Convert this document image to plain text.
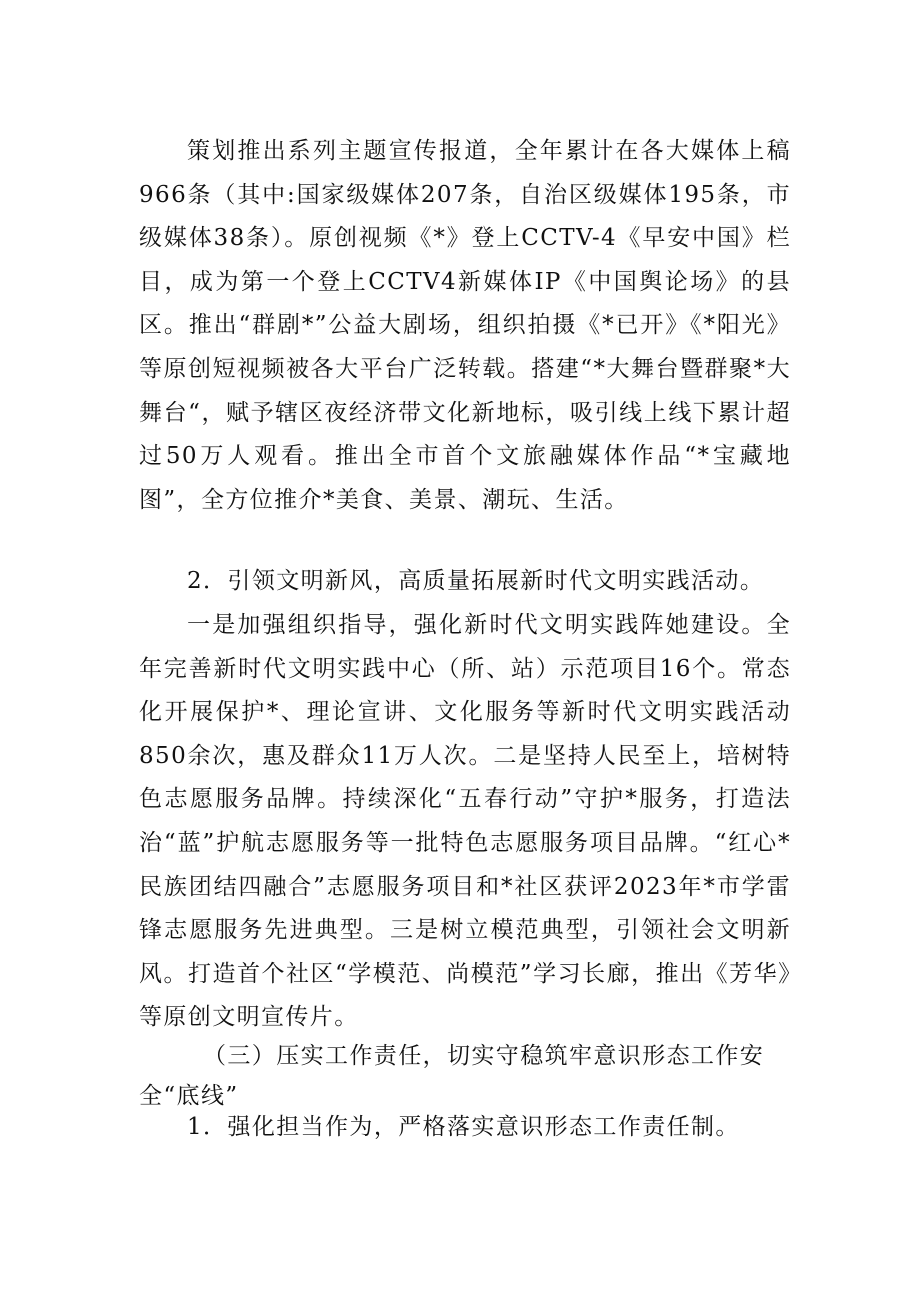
策划推出系列主题宣传报道，全年累计在各大媒体上稿966条（其中:国家级媒体207条，自治区级媒体195条，市级媒体38条）。原创视频《*》登上CCTV-4《早安中国》栏目，成为第一个登上CCTV4新媒体IP《中国舆论场》的县区。推出“群剧*”公益大剧场，组织拍摄《*已开》《*阳光》等原创短视频被各大平台广泛转载。搭建“*大舞台暨群聚*大舞台“，赋予辖区夜经济带文化新地标，吸引线上线下累计超过50万人观看。推出全市首个文旅融媒体作品“*宝藏地图”，全方位推介*美食、美景、潮玩、生活。

2．引领文明新风，高质量拓展新时代文明实践活动。

一是加强组织指导，强化新时代文明实践阵她建设。全年完善新时代文明实践中心（所、站）示范项目16个。常态化开展保护*、理论宣讲、文化服务等新时代文明实践活动850余次，惠及群众11万人次。二是坚持人民至上，培树特色志愿服务品牌。持续深化“五春行动”守护*服务，打造法治“蓝”护航志愿服务等一批特色志愿服务项目品牌。“红心*民族团结四融合”志愿服务项目和*社区获评2023年*市学雷锋志愿服务先进典型。三是树立模范典型，引领社会文明新风。打造首个社区“学模范、尚模范”学习长廊，推出《芳华》等原创文明宣传片。

（三）压实工作责任，切实守稳筑牢意识形态工作安全“底线”

1．强化担当作为，严格落实意识形态工作责任制。
